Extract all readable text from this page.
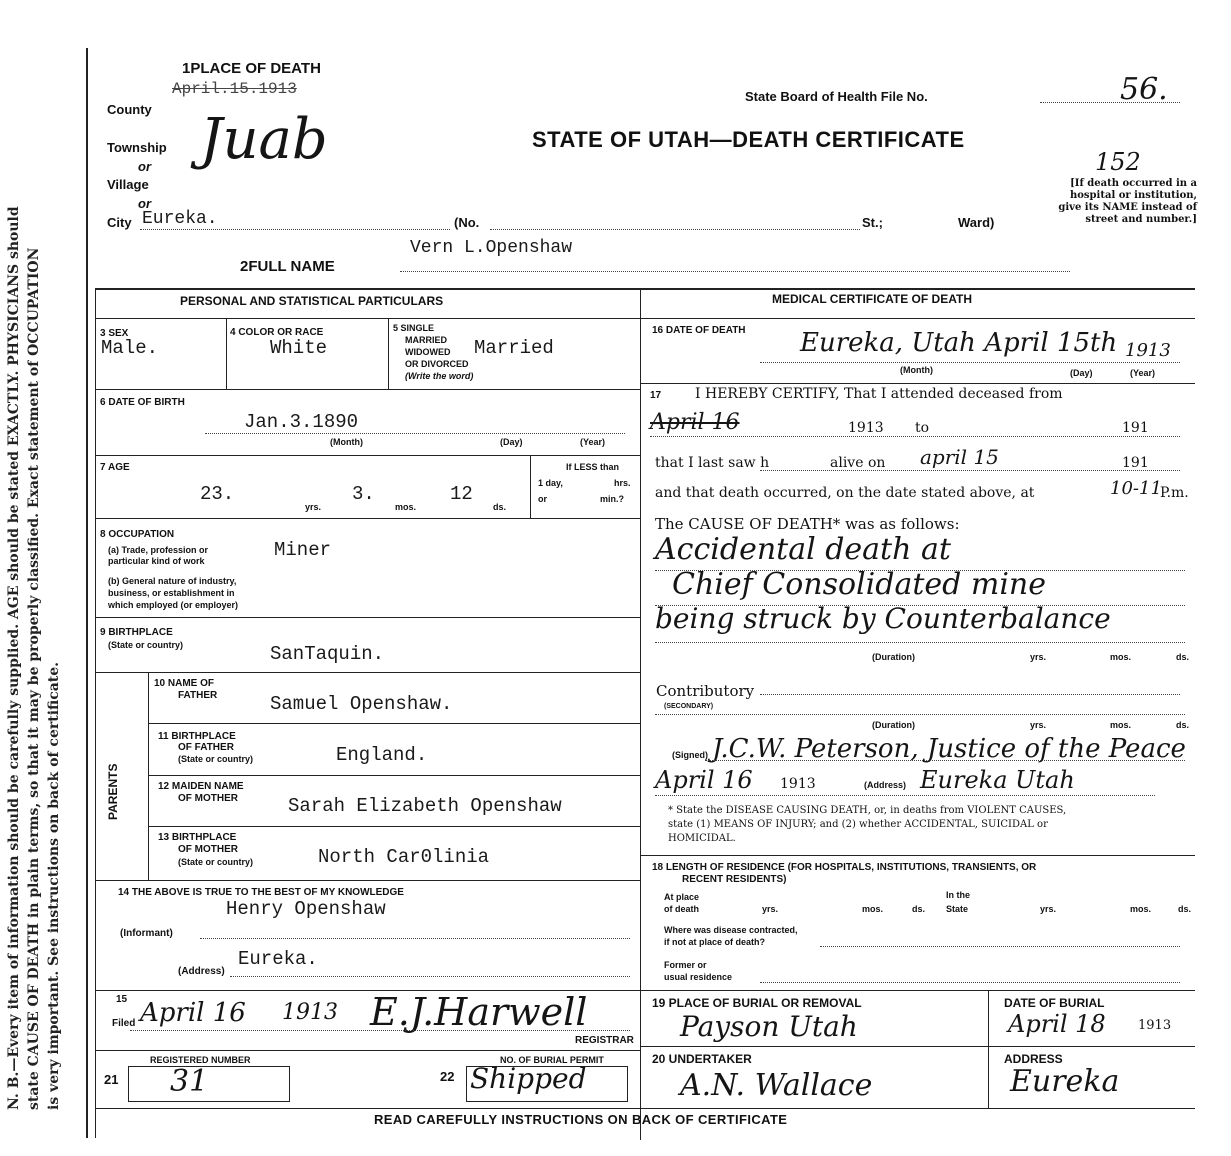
N. B.—Every item of information should be carefully supplied. AGE should be stated EXACTLY. PHYSICIANS should state CAUSE OF DEATH in plain terms, so that it may be properly classified. Exact statement of OCCUPATION is very important. See instructions on back of certificate.
1PLACE OF DEATH
April.15.1913
County Juab
Township
or
Village
or
City Eureka.	(No.	St.;	Ward)
State Board of Health File No.	56.
STATE OF UTAH—DEATH CERTIFICATE
152
[If death occurred in a hospital or institution, give its NAME instead of street and number.]
Vern L.Openshaw
2FULL NAME
PERSONAL AND STATISTICAL PARTICULARS
3 SEX
Male.
4 COLOR OR RACE
White
5 SINGLE
MARRIED
WIDOWED
OR DIVORCED
(Write the word)
Married
6 DATE OF BIRTH
Jan.3.1890
(Month)	(Day)	(Year)
7 AGE
23.
yrs.
3.
mos.
12
ds.
If LESS than
1 day,	hrs.
or	min.?
8 OCCUPATION
(a) Trade, profession or
particular kind of work	Miner
(b) General nature of industry,
business, or establishment in
which employed (or employer)
9 BIRTHPLACE
(State or country)	SanTaquin.
PARENTS
10 NAME OF
FATHER	Samuel Openshaw.
11 BIRTHPLACE
OF FATHER
(State or country)	England.
12 MAIDEN NAME
OF MOTHER	Sarah Elizabeth Openshaw
13 BIRTHPLACE
OF MOTHER
(State or country)	North Car0linia
14 THE ABOVE IS TRUE TO THE BEST OF MY KNOWLEDGE
Henry Openshaw
(Informant)
Eureka.
(Address)
15
Filed April 16 1913 E.J.Harwell
REGISTRAR
REGISTERED NUMBER
21 31
NO. OF BURIAL PERMIT
22 Shipped
MEDICAL CERTIFICATE OF DEATH
16 DATE OF DEATH Eureka, Utah April 15th 1913
(Month)	(Day)	(Year)
17 I HEREBY CERTIFY, That I attended deceased from
April 16	1913 to	191
that I last saw h	alive on april 15	191
and that death occurred, on the date stated above, at	10-11
P.m.
The CAUSE OF DEATH* was as follows:
Accidental death at
Chief Consolidated mine
being struck by Counterbalance
(Duration)	yrs.	mos.	ds.
Contributory
(SECONDARY)
(Duration)	yrs.	mos.	ds.
(Signed) J.C.W. Peterson, Justice of the Peace
April 16 1913	(Address) Eureka Utah
* State the DISEASE CAUSING DEATH, or, in deaths from VIOLENT CAUSES,
state (1) MEANS OF INJURY; and (2) whether ACCIDENTAL, SUICIDAL or
HOMICIDAL.
18 LENGTH OF RESIDENCE (FOR HOSPITALS, INSTITUTIONS, TRANSIENTS, OR
RECENT RESIDENTS)
At place
of death	yrs.	mos.	ds.
In the
State	yrs.	mos.	ds.
Where was disease contracted,
if not at place of death?
Former or
usual residence
19 PLACE OF BURIAL OR REMOVAL
Payson Utah
DATE OF BURIAL
April 18 1913
20 UNDERTAKER
A.N. Wallace
ADDRESS
Eureka
READ CAREFULLY INSTRUCTIONS ON BACK OF CERTIFICATE
